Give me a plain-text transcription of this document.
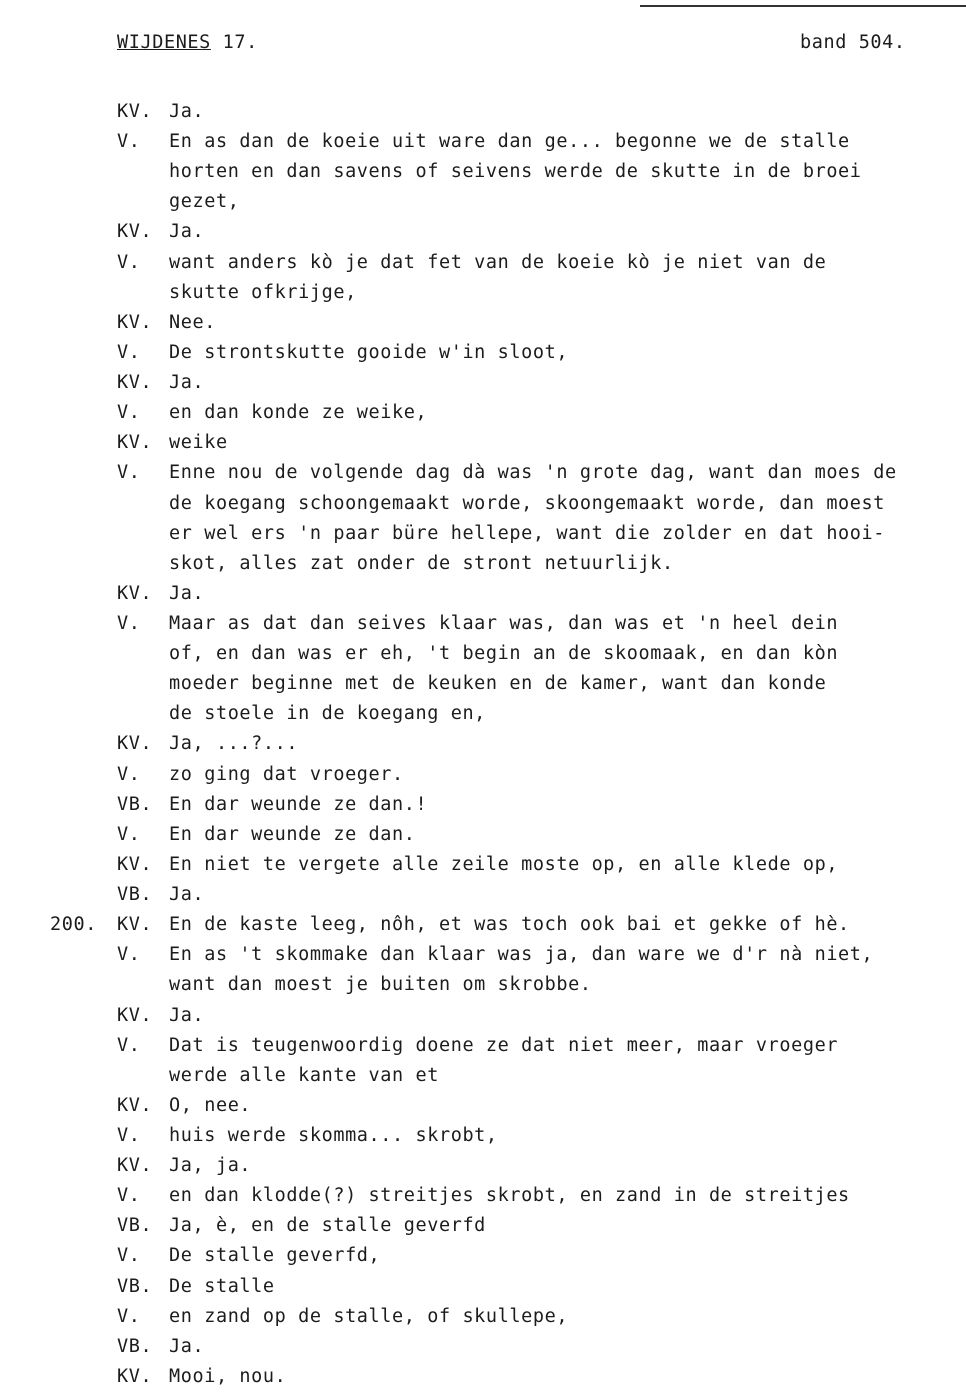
WIJDENES 17.	band 504.
KV. Ja.
V.	En as dan de koeie uit ware dan ge... begonne we de stalle
horten en dan savens of seivens werde de skutte in de broei
gezet,
KV. Ja.
V.	want anders kò je dat fet van de koeie kò je niet van de
skutte ofkrijge,
KV. Nee.
V.	De strontskutte gooide w'in sloot,
KV. Ja.
V.	en dan konde ze weike,
KV. weike
V.	Enne nou de volgende dag dà was 'n grote dag, want dan moes de
de koegang schoongemaakt worde, skoongemaakt worde, dan moest
er wel ers 'n paar büre hellepe, want die zolder en dat hooi-
skot, alles zat onder de stront netuurlijk.
KV. Ja.
V.	Maar as dat dan seives klaar was, dan was et 'n heel dein
of, en dan was er eh, 't begin an de skoomaak, en dan kòn
moeder beginne met de keuken en de kamer, want dan konde
de stoele in de koegang en,
KV. Ja, ...?...
V.	zo ging dat vroeger.
VB. En dar weunde ze dan.!
V.	En dar weunde ze dan.
KV. En niet te vergete alle zeile moste op, en alle klede op,
VB. Ja.
200.	KV. En de kaste leeg, nôh, et was toch ook bai et gekke of hè.
V.	En as 't skommake dan klaar was ja, dan ware we d'r nà niet,
want dan moest je buiten om skrobbe.
KV. Ja.
V.	Dat is teugenwoordig doene ze dat niet meer, maar vroeger
werde alle kante van et
KV. O, nee.
V.	huis werde skomma... skrobt,
KV. Ja, ja.
V.	en dan klodde(?) streitjes skrobt, en zand in de streitjes
VB. Ja, è, en de stalle geverfd
V.	De stalle geverfd,
VB. De stalle
V.	en zand op de stalle, of skullepe,
VB. Ja.
KV. Mooi, nou.
